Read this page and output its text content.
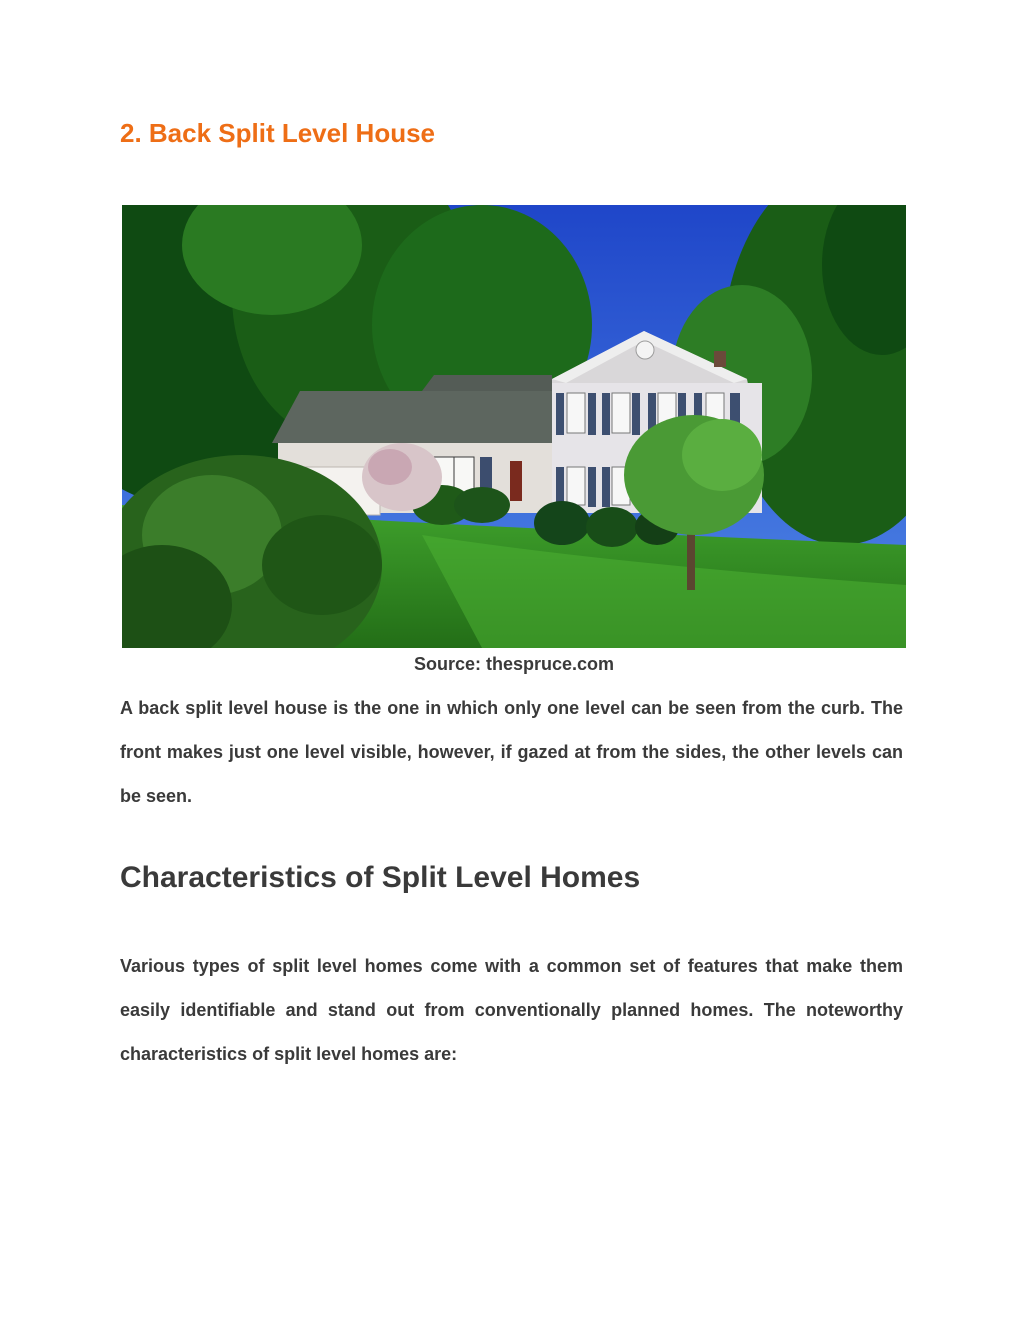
2. Back Split Level House

Source: thespruce.com

A back split level house is the one in which only one level can be seen from the curb. The front makes just one level visible, however, if gazed at from the sides, the other levels can be seen.

Characteristics of Split Level Homes

Various types of split level homes come with a common set of features that make them easily identifiable and stand out from conventionally planned homes. The noteworthy characteristics of split level homes are:
